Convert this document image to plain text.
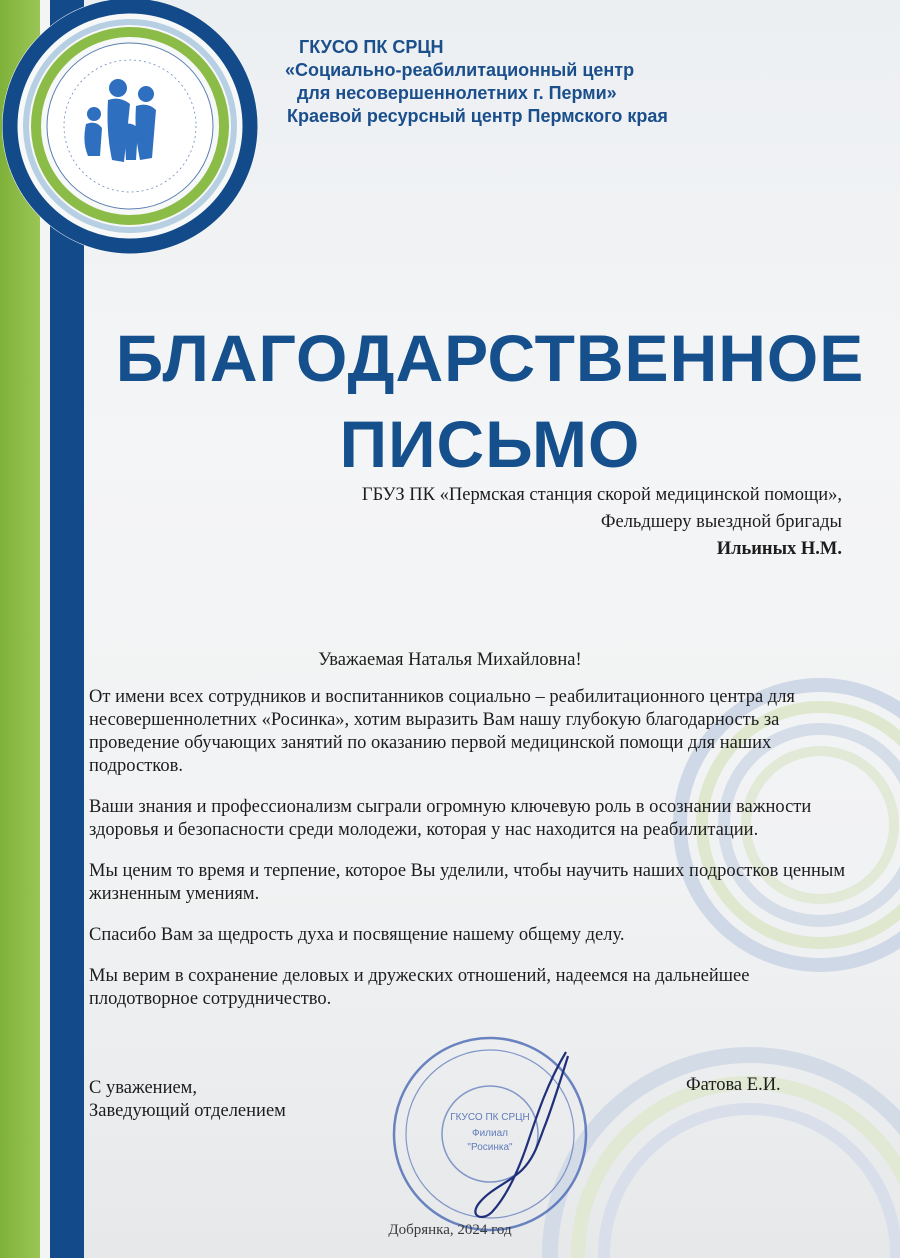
ГКУСО ПК СРЦН
«Социально-реабилитационный центр
для несовершеннолетних г. Перми»
Краевой ресурсный центр Пермского края
БЛАГОДАРСТВЕННОЕ
ПИСЬМО
ГБУЗ ПК «Пермская станция скорой медицинской помощи»,
Фельдшеру выездной бригады
Ильиных Н.М.
Уважаемая Наталья Михайловна!

От имени всех сотрудников и воспитанников социально – реабилитационного центра для несовершеннолетних «Росинка», хотим выразить Вам нашу глубокую благодарность за проведение обучающих занятий по оказанию первой медицинской помощи для наших подростков.

Ваши знания и профессионализм сыграли огромную ключевую роль в осознании важности здоровья и безопасности среди молодежи, которая у нас находится на реабилитации.

Мы ценим то время и терпение, которое Вы уделили, чтобы научить наших подростков ценным жизненным умениям.

Спасибо Вам за щедрость духа и посвящение нашему общему делу.

Мы верим в сохранение деловых и дружеских отношений, надеемся на дальнейшее плодотворное сотрудничество.

С уважением,
Заведующий отделением
Фатова Е.И.
ГКУСО ПК СРЦН
Филиал
"Росинка"
Добрянка, 2024 год
